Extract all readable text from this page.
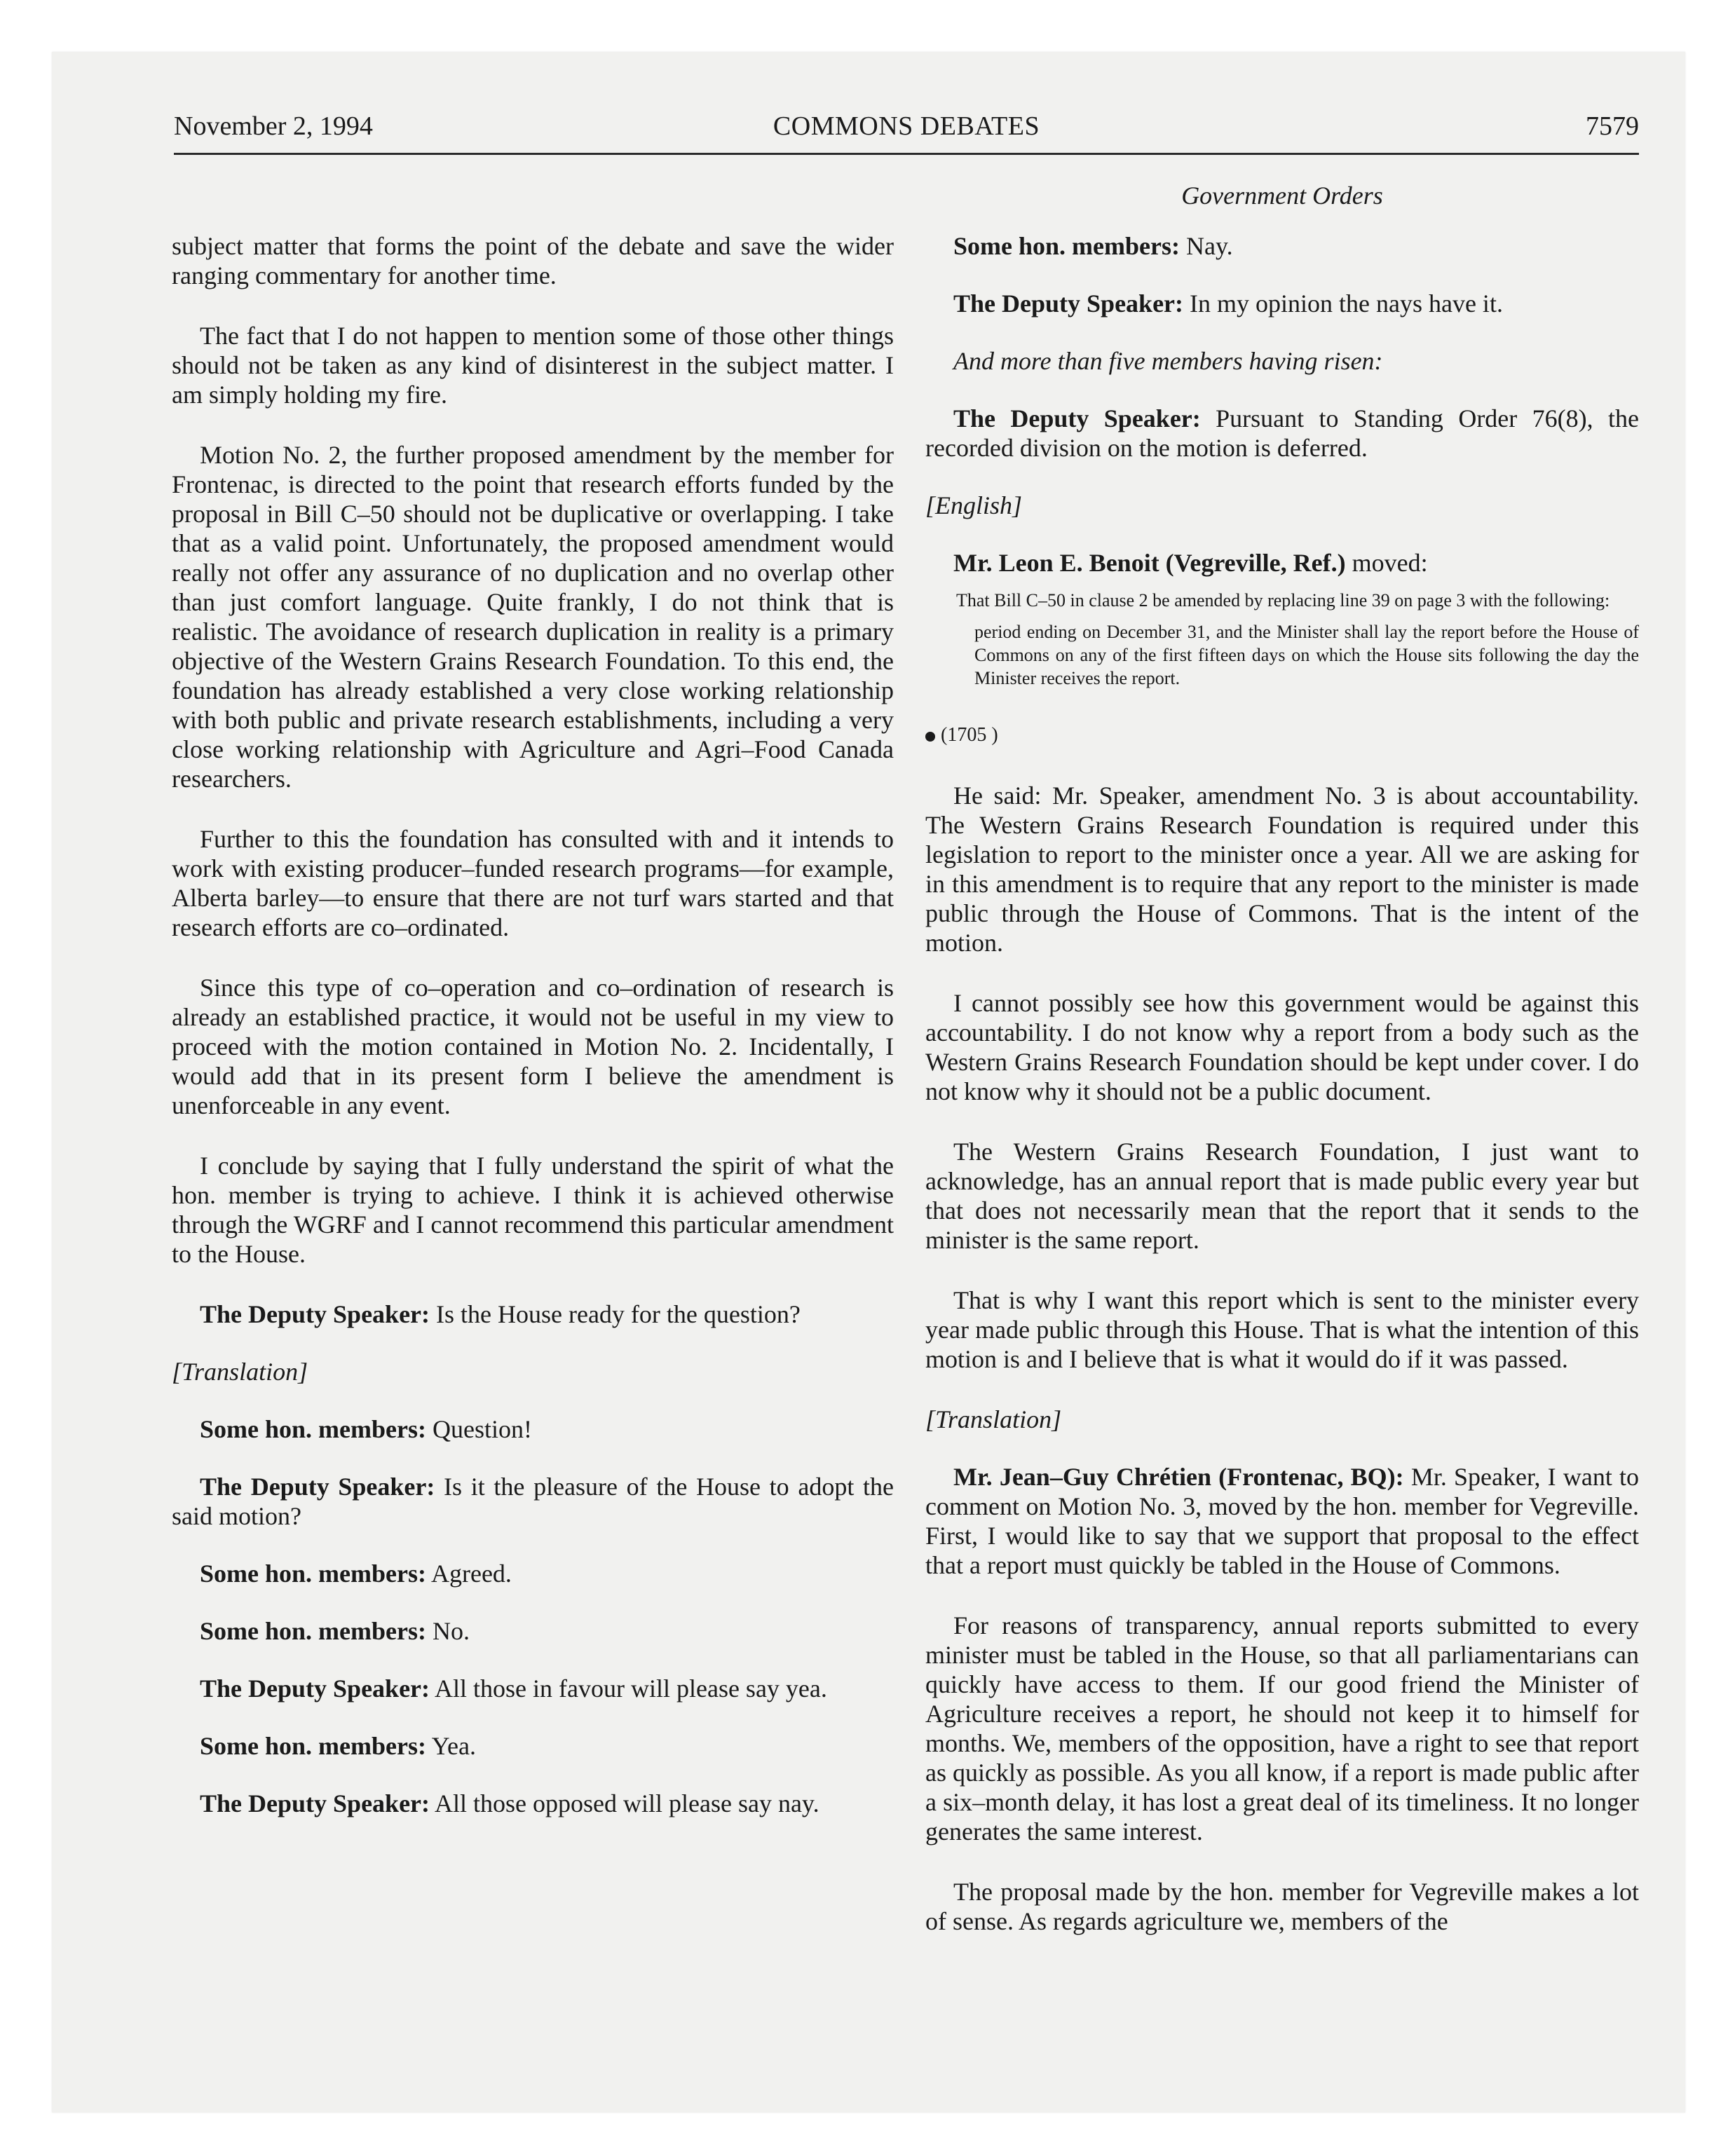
November 2, 1994	COMMONS DEBATES	7579

subject matter that forms the point of the debate and save the wider ranging commentary for another time.

The fact that I do not happen to mention some of those other things should not be taken as any kind of disinterest in the subject matter. I am simply holding my fire.

Motion No. 2, the further proposed amendment by the member for Frontenac, is directed to the point that research efforts funded by the proposal in Bill C–50 should not be duplicative or overlapping. I take that as a valid point. Unfortunately, the proposed amendment would really not offer any assurance of no duplication and no overlap other than just comfort language. Quite frankly, I do not think that is realistic. The avoidance of research duplication in reality is a primary objective of the Western Grains Research Foundation. To this end, the foundation has already established a very close working relationship with both public and private research establishments, including a very close working relationship with Agriculture and Agri–Food Canada researchers.

Further to this the foundation has consulted with and it intends to work with existing producer–funded research programs—for example, Alberta barley—to ensure that there are not turf wars started and that research efforts are co–ordinated.

Since this type of co–operation and co–ordination of research is already an established practice, it would not be useful in my view to proceed with the motion contained in Motion No. 2. Incidentally, I would add that in its present form I believe the amendment is unenforceable in any event.

I conclude by saying that I fully understand the spirit of what the hon. member is trying to achieve. I think it is achieved otherwise through the WGRF and I cannot recommend this particular amendment to the House.

The Deputy Speaker: Is the House ready for the question?

[Translation]

Some hon. members: Question!

The Deputy Speaker: Is it the pleasure of the House to adopt the said motion?

Some hon. members: Agreed.

Some hon. members: No.

The Deputy Speaker: All those in favour will please say yea.

Some hon. members: Yea.

The Deputy Speaker: All those opposed will please say nay.

Government Orders

Some hon. members: Nay.

The Deputy Speaker: In my opinion the nays have it.

And more than five members having risen:

The Deputy Speaker: Pursuant to Standing Order 76(8), the recorded division on the motion is deferred.

[English]

Mr. Leon E. Benoit (Vegreville, Ref.) moved:

That Bill C–50 in clause 2 be amended by replacing line 39 on page 3 with the following:

period ending on December 31, and the Minister shall lay the report before the House of Commons on any of the first fifteen days on which the House sits following the day the Minister receives the report.

(1705 )

He said: Mr. Speaker, amendment No. 3 is about accountability. The Western Grains Research Foundation is required under this legislation to report to the minister once a year. All we are asking for in this amendment is to require that any report to the minister is made public through the House of Commons. That is the intent of the motion.

I cannot possibly see how this government would be against this accountability. I do not know why a report from a body such as the Western Grains Research Foundation should be kept under cover. I do not know why it should not be a public document.

The Western Grains Research Foundation, I just want to acknowledge, has an annual report that is made public every year but that does not necessarily mean that the report that it sends to the minister is the same report.

That is why I want this report which is sent to the minister every year made public through this House. That is what the intention of this motion is and I believe that is what it would do if it was passed.

[Translation]

Mr. Jean–Guy Chrétien (Frontenac, BQ): Mr. Speaker, I want to comment on Motion No. 3, moved by the hon. member for Vegreville. First, I would like to say that we support that proposal to the effect that a report must quickly be tabled in the House of Commons.

For reasons of transparency, annual reports submitted to every minister must be tabled in the House, so that all parliamentarians can quickly have access to them. If our good friend the Minister of Agriculture receives a report, he should not keep it to himself for months. We, members of the opposition, have a right to see that report as quickly as possible. As you all know, if a report is made public after a six–month delay, it has lost a great deal of its timeliness. It no longer generates the same interest.

The proposal made by the hon. member for Vegreville makes a lot of sense. As regards agriculture we, members of the
